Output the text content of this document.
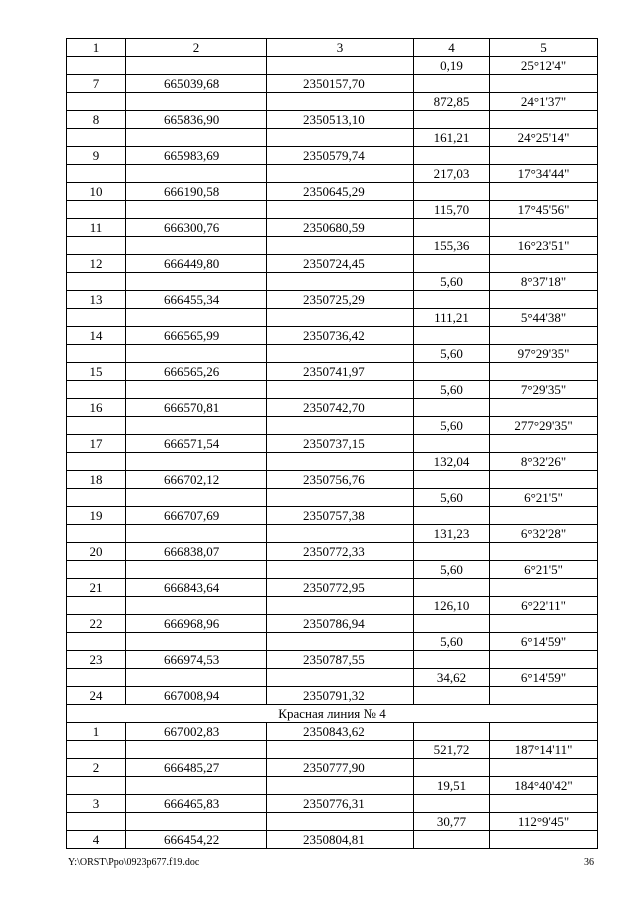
1	2	3	4	5
			0,19	25°12'4"
7	665039,68	2350157,70		
			872,85	24°1'37"
8	665836,90	2350513,10		
			161,21	24°25'14"
9	665983,69	2350579,74		
			217,03	17°34'44"
10	666190,58	2350645,29		
			115,70	17°45'56"
11	666300,76	2350680,59		
			155,36	16°23'51"
12	666449,80	2350724,45		
			5,60	8°37'18"
13	666455,34	2350725,29		
			111,21	5°44'38"
14	666565,99	2350736,42		
			5,60	97°29'35"
15	666565,26	2350741,97		
			5,60	7°29'35"
16	666570,81	2350742,70		
			5,60	277°29'35"
17	666571,54	2350737,15		
			132,04	8°32'26"
18	666702,12	2350756,76		
			5,60	6°21'5"
19	666707,69	2350757,38		
			131,23	6°32'28"
20	666838,07	2350772,33		
			5,60	6°21'5"
21	666843,64	2350772,95		
			126,10	6°22'11"
22	666968,96	2350786,94		
			5,60	6°14'59"
23	666974,53	2350787,55		
			34,62	6°14'59"
24	667008,94	2350791,32		
Красная линия № 4				
1	667002,83	2350843,62		
			521,72	187°14'11"
2	666485,27	2350777,90		
			19,51	184°40'42"
3	666465,83	2350776,31		
			30,77	112°9'45"
4	666454,22	2350804,81		
Y:\ORST\Ppo\0923p677.f19.doc	36
